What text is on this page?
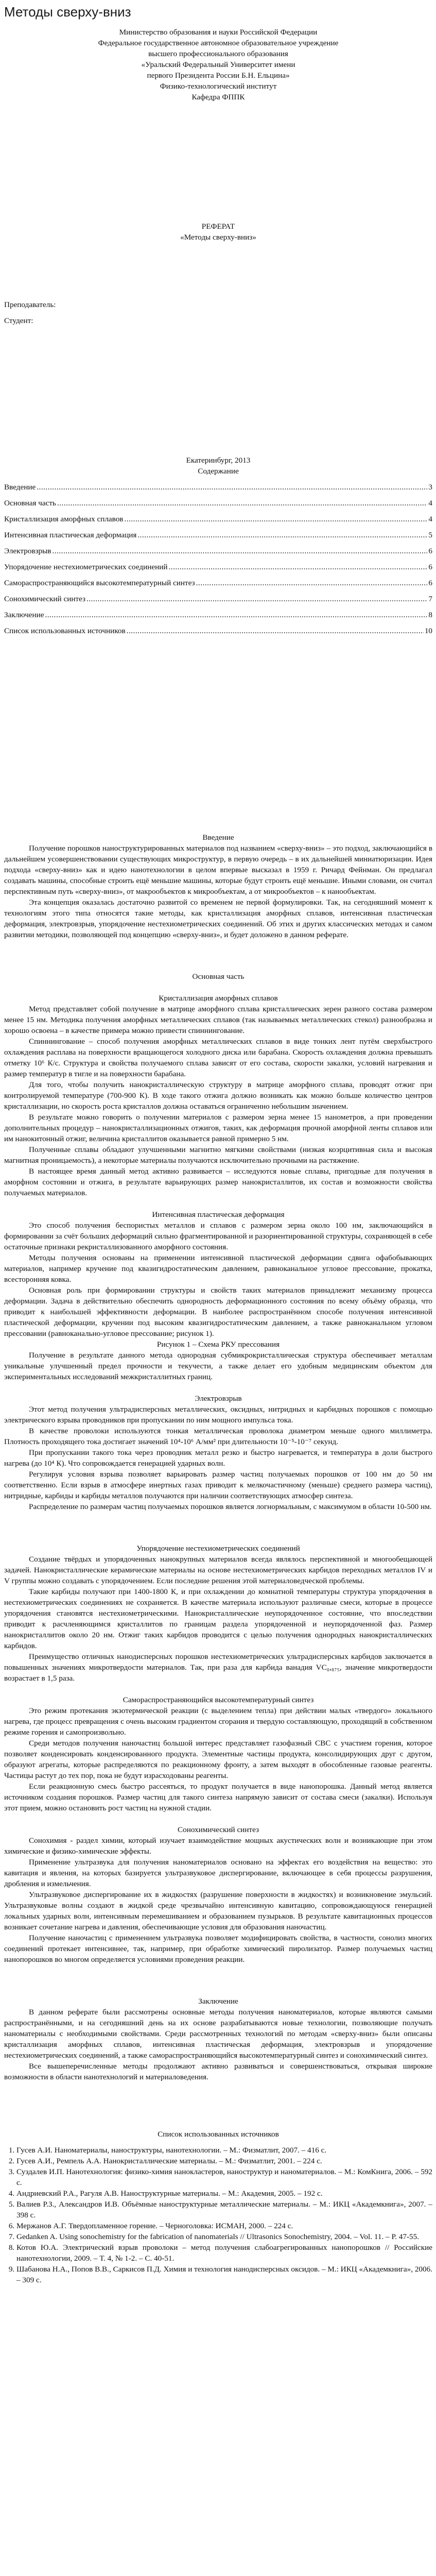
Методы сверху-вниз
Министерство образования и науки Российской Федерации
Федеральное государственное автономное образовательное учреждение
высшего профессионального образования
«Уральский Федеральный Университет имени
первого Президента России Б.Н. Ельцина»
Физико-технологический институт
Кафедра ФППК
РЕФЕРАТ
«Методы сверху-вниз»
Преподаватель:
Студент:
Екатеринбург, 2013
Содержание
Введение .....	3
Основная часть .....	4
Кристаллизация аморфных сплавов .....	4
Интенсивная пластическая деформация .....	5
Электровзрыв .....	6
Упорядочение нестехиометрических соединений .....	6
Самораспространяющийся высокотемпературный синтез .....	6
Сонохимический синтез .....	7
Заключение .....	8
Список использованных источников .....	10
Введение

Получение порошков наноструктурированных материалов под названием «сверху-вниз» – это подход, заключающийся в дальнейшем усовершенствовании существующих микроструктур, в первую очередь – в их дальнейшей миниатюризации. Идея подхода «сверху-вниз» как и идею нанотехнологии в целом впервые высказал в 1959 г. Ричард Фейнман. Он предлагал создавать машины, способные строить ещё меньшие машины, которые будут строить ещё меньшие. Иными словами, он считал перспективным путь «сверху-вниз», от макрообъектов к микрообъектам, а от микрообъектов – к нанообъектам.

Эта концепция оказалась достаточно развитой со временем не первой формулировки. Так, на сегодняшний момент к технологиям этого типа относятся такие методы, как кристаллизация аморфных сплавов, интенсивная пластическая деформация, электровзрыв, упорядочение нестехиометрических соединений. Об этих и других классических методах и самом развитии методики, позволяющей под концепцию «сверху-вниз», и будет доложено в данном реферате.

Основная часть
Кристаллизация аморфных сплавов

Метод представляет собой получение в матрице аморфного сплава кристаллических зерен разного состава размером менее 15 нм. Методика получения аморфных металлических сплавов (так называемых металлических стекол) разнообразна и хорошо освоена – в качестве примера можно привести спиннингование.

Спиннингование – способ получения аморфных металлических сплавов в виде тонких лент путём сверхбыстрого охлаждения расплава на поверхности вращающегося холодного диска или барабана. Скорость охлаждения должна превышать отметку 10⁶ К/с. Структура и свойства получаемого сплава зависят от его состава, скорости закалки, условий нагревания и размер температур в тигле и на поверхности барабана.

Для того, чтобы получить нанокристаллическую структуру в матрице аморфного сплава, проводят отжиг при контролируемой температуре (700-900 К). В ходе такого отжига должно возникать как можно больше количество центров кристаллизации, но скорость роста кристаллов должна оставаться ограниченно небольшим значением.

В результате можно говорить о получении материалов с размером зерна менее 15 нанометров, а при проведении дополнительных процедур – нанокристаллизационных отжигов, таких, как деформация прочной аморфной ленты сплавов или им нанокитонный отжиг, величина кристаллитов оказывается равной примерно 5 нм.

Полученные сплавы обладают улучшенными магнитно мягкими свойствами (низкая коэрцитивная сила и высокая магнитная проницаемость), а некоторые материалы получаются исключительно прочными на растяжение.

В настоящее время данный метод активно развивается – исследуются новые сплавы, пригодные для получения в аморфном состоянии и отжига, в результате варьирующих размер нанокристаллитов, их состав и возможности свойства получаемых материалов.

Интенсивная пластическая деформация

Это способ получения беспористых металлов и сплавов с размером зерна около 100 нм, заключающийся в формировании за счёт больших деформаций сильно фрагментированной и разориентированной структуры, сохраняющей в себе остаточные признаки рекристаллизованного аморфного состояния.

Методы получения основаны на применении интенсивной пластической деформации сдвига офабобывающих материалов, например кручение под квазигидростатическим давлением, равноканальное угловое прессование, прокатка, всесторонняя ковка.

Основная роль при формировании структуры и свойств таких материалов принадлежит механизму процесса деформации. Задача в действительно обеспечить однородность деформационного состояния по всему объёму образца, что приводит к наибольшей эффективности деформации. В наиболее распространённом способе получения интенсивной пластической деформации, кручении под высоким квазигидростатическим давлением, а также равноканальном угловом прессовании (равноканально-угловое прессование; рисунок 1).

Рисунок 1 – Схема РКУ прессования

Получение в результате данного метода однородная субмикрокристаллическая структура обеспечивает металлам уникальные улучшенный предел прочности и текучести, а также делает его удобным медицинским объектом для экспериментальных исследований межкристаллитных границ.

Электровзрыв

Этот метод получения ультрадисперсных металлических, оксидных, нитридных и карбидных порошков с помощью электрического взрыва проводников при пропускании по ним мощного импульса тока.

В качестве проволоки используются тонкая металлическая проволока диаметром меньше одного миллиметра. Плотность проходящего тока достигает значений 10⁴-10⁶ А/мм² при длительности 10⁻⁵-10⁻⁷ секунд.

При пропускании такого тока через проводник металл резко и быстро нагревается, и температура в доли быстрого нагрева (до 10⁴ К). Что сопровождается генерацией ударных волн.

Регулируя условия взрыва позволяет варьировать размер частиц получаемых порошков от 100 нм до 50 нм соответственно. Если взрыв в атмосфере инертных газах приводит к мелкочастичному (меньше) среднего размера частиц), нитридные, карбиды и карбиды металлов получаются при наличии соответствующих атмосфер синтеза.

Распределение по размерам частиц получаемых порошков является логнормальным, с максимумом в области 10-500 нм.

Упорядочение нестехиометрических соединений

Создание твёрдых и упорядоченных нанокрупных материалов всегда являлось перспективной и многообещающей задачей. Нанокристаллические керамические материалы на основе нестехиометрических карбидов переходных металлов IV и V группы можно создавать с упорядочением. Если последние решения этой материаловедческой проблемы.

Такие карбиды получают при 1400-1800 К, и при охлаждении до комнатной температуры структура упорядочения в нестехиометрических соединениях не сохраняется. В качестве материала используют различные смеси, которые в процессе упорядочения становятся нестехиометрическими. Нанокристаллические неупорядоченное состояние, что впоследствии приводит к расчленяющимся кристаллитов по границам раздела упорядоченной и неупорядоченной фаз. Размер нанокристаллитов около 20 нм. Отжиг таких карбидов проводится с целью получения однородных нанокристаллических карбидов.

Преимущество отличных нанодисперсных порошков нестехиометрических ультрадисперсных карбидов заключается в повышенных значениях микротвердости материалов. Так, при раза для карбида ванадия VC₀,₈₇₅, значение микротвердости возрастает в 1,5 раза.

Самораспространяющийся высокотемпературный синтез

Это режим протекания экзотермической реакции (с выделением тепла) при действии малых «твердого» локального нагрева, где процесс превращения с очень высоким градиентом сгорания и твердую составляющую, проходящий в собственном режиме горения и самопроизвольно.

Среди методов получения наночастиц большой интерес представляет газофазный СВС с участием горения, которое позволяет конденсировать конденсированного продукта. Элементные частицы продукта, консолидирующих друг с другом, образуют агрегаты, которые распределяются по реакционному фронту, а затем выходят в обособленные газовые реагенты. Частицы растут до тех пор, пока не будут израсходованы реагенты.

Если реакционную смесь быстро рассеяться, то продукт получается в виде нанопорошка. Данный метод является источником создания порошков. Размер частиц для такого синтеза напрямую зависит от состава смеси (закалки). Используя этот прием, можно остановить рост частиц на нужной стадии.

Сонохимический синтез

Сонохимия - раздел химии, который изучает взаимодействие мощных акустических волн и возникающие при этом химические и физико-химические эффекты.

Применение ультразвука для получения наноматериалов основано на эффектах его воздействия на вещество: это кавитация и явления, на которых базируется ультразвуковое диспергирование, включающее в себя процессы разрушения, дробления и измельчения.

Ультразвуковое диспергирование их в жидкостях (разрушение поверхности в жидкостях) и возникновение эмульсий. Ультразвуковые волны создают в жидкой среде чрезвычайно интенсивную кавитацию, сопровождающуюся генерацией локальных ударных волн, интенсивным перемешиванием и образованием пузырьков. В результате кавитационных процессов возникает сочетание нагрева и давления, обеспечивающие условия для образования наночастиц.

Получение наночастиц с применением ультразвука позволяет модифицировать свойства, в частности, сонолиз многих соединений протекает интенсивнее, так, например, при обработке химический пиролизатор. Размер получаемых частиц нанопорошков во многом определяется условиями проведения реакции.

Заключение

В данном реферате были рассмотрены основные методы получения наноматериалов, которые являются самыми распространёнными, и на сегодняшний день на их основе разрабатываются новые технологии, позволяющие получать наноматериалы с необходимыми свойствами. Среди рассмотренных технологий по методам «сверху-вниз» были описаны кристаллизация аморфных сплавов, интенсивная пластическая деформация, электровзрыв и упорядочение нестехиометрических соединений, а также самораспространяющийся высокотемпературный синтез и сонохимический синтез.

Все вышеперечисленные методы продолжают активно развиваться и совершенствоваться, открывая широкие возможности в области нанотехнологий и материаловедения.

Список использованных источников
1. Гусев А.И. Наноматериалы, наноструктуры, нанотехнологии. – М.: Физматлит, 2007. – 416 с.
2. Гусев А.И., Ремпель А.А. Нанокристаллические материалы. – М.: Физматлит, 2001. – 224 с.
3. Суздалев И.П. Нанотехнология: физико-химия нанокластеров, наноструктур и наноматериалов. – М.: КомКнига, 2006. – 592 с.
4. Андриевский Р.А., Рагуля А.В. Наноструктурные материалы. – М.: Академия, 2005. – 192 с.
5. Валиев Р.З., Александров И.В. Объёмные наноструктурные металлические материалы. – М.: ИКЦ «Академкнига», 2007. – 398 с.
6. Мержанов А.Г. Твердопламенное горение. – Черноголовка: ИСМАН, 2000. – 224 с.
7. Gedanken A. Using sonochemistry for the fabrication of nanomaterials // Ultrasonics Sonochemistry, 2004. – Vol. 11. – P. 47-55.
8. Котов Ю.А. Электрический взрыв проволоки – метод получения слабоагрегированных нанопорошков // Российские нанотехнологии, 2009. – Т. 4, № 1-2. – С. 40-51.
9. Шабанова Н.А., Попов В.В., Саркисов П.Д. Химия и технология нанодисперсных оксидов. – М.: ИКЦ «Академкнига», 2006. – 309 с.
